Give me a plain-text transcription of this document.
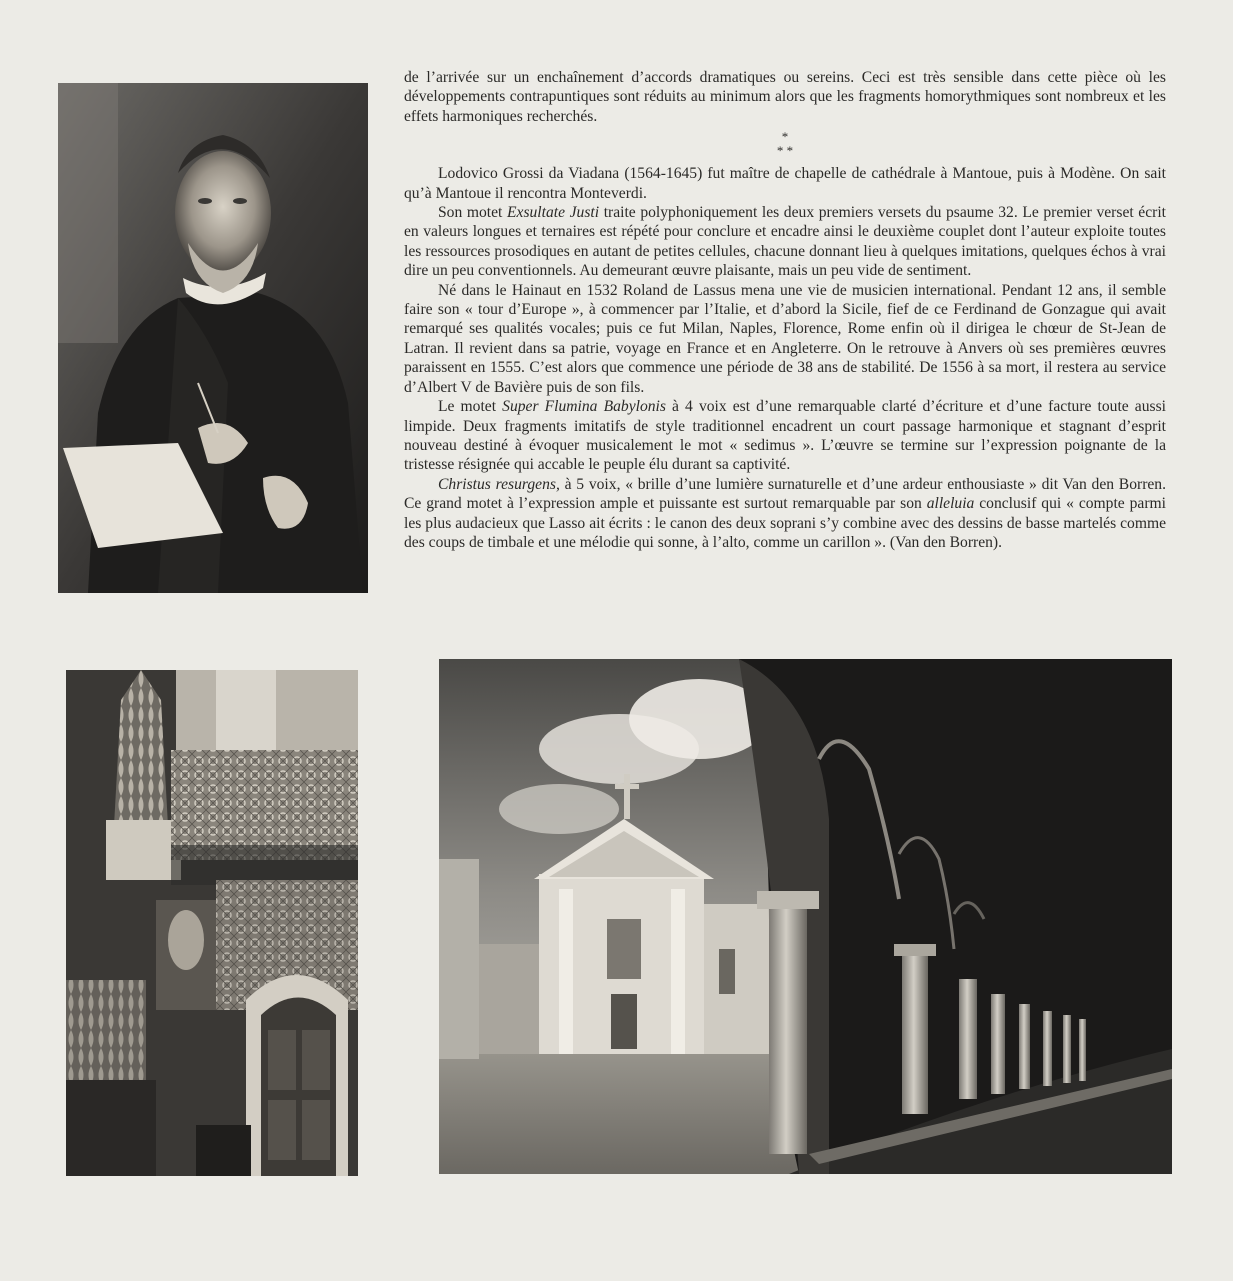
de l’arrivée sur un enchaînement d’accords dramatiques ou sereins. Ceci est très sensible dans cette pièce où les développements contrapuntiques sont réduits au minimum alors que les fragments homorythmiques sont nombreux et les effets harmoniques recherchés.

*
* *

Lodovico Grossi da Viadana (1564-1645) fut maître de chapelle de cathédrale à Mantoue, puis à Modène. On sait qu’à Mantoue il rencontra Monteverdi.

Son motet Exsultate Justi traite polyphoniquement les deux premiers versets du psaume 32. Le premier verset écrit en valeurs longues et ternaires est répété pour conclure et encadre ainsi le deuxième couplet dont l’auteur exploite toutes les ressources prosodiques en autant de petites cellules, chacune donnant lieu à quelques imitations, quelques échos à vrai dire un peu conventionnels. Au demeurant œuvre plaisante, mais un peu vide de sentiment.

Né dans le Hainaut en 1532 Roland de Lassus mena une vie de musicien international. Pendant 12 ans, il semble faire son « tour d’Europe », à commencer par l’Italie, et d’abord la Sicile, fief de ce Ferdinand de Gonzague qui avait remarqué ses qualités vocales; puis ce fut Milan, Naples, Florence, Rome enfin où il dirigea le chœur de St-Jean de Latran. Il revient dans sa patrie, voyage en France et en Angleterre. On le retrouve à Anvers où ses premières œuvres paraissent en 1555. C’est alors que commence une période de 38 ans de stabilité. De 1556 à sa mort, il restera au service d’Albert V de Bavière puis de son fils.

Le motet Super Flumina Babylonis à 4 voix est d’une remarquable clarté d’écriture et d’une facture toute aussi limpide. Deux fragments imitatifs de style traditionnel encadrent un court passage harmonique et stagnant d’esprit nouveau destiné à évoquer musicalement le mot « sedimus ». L’œuvre se termine sur l’expression poignante de la tristesse résignée qui accable le peuple élu durant sa captivité.

Christus resurgens, à 5 voix, « brille d’une lumière surnaturelle et d’une ardeur enthousiaste » dit Van den Borren. Ce grand motet à l’expression ample et puissante est surtout remarquable par son alleluia conclusif qui « compte parmi les plus audacieux que Lasso ait écrits : le canon des deux soprani s’y combine avec des dessins de basse martelés comme des coups de timbale et une mélodie qui sonne, à l’alto, comme un carillon ». (Van den Borren).
